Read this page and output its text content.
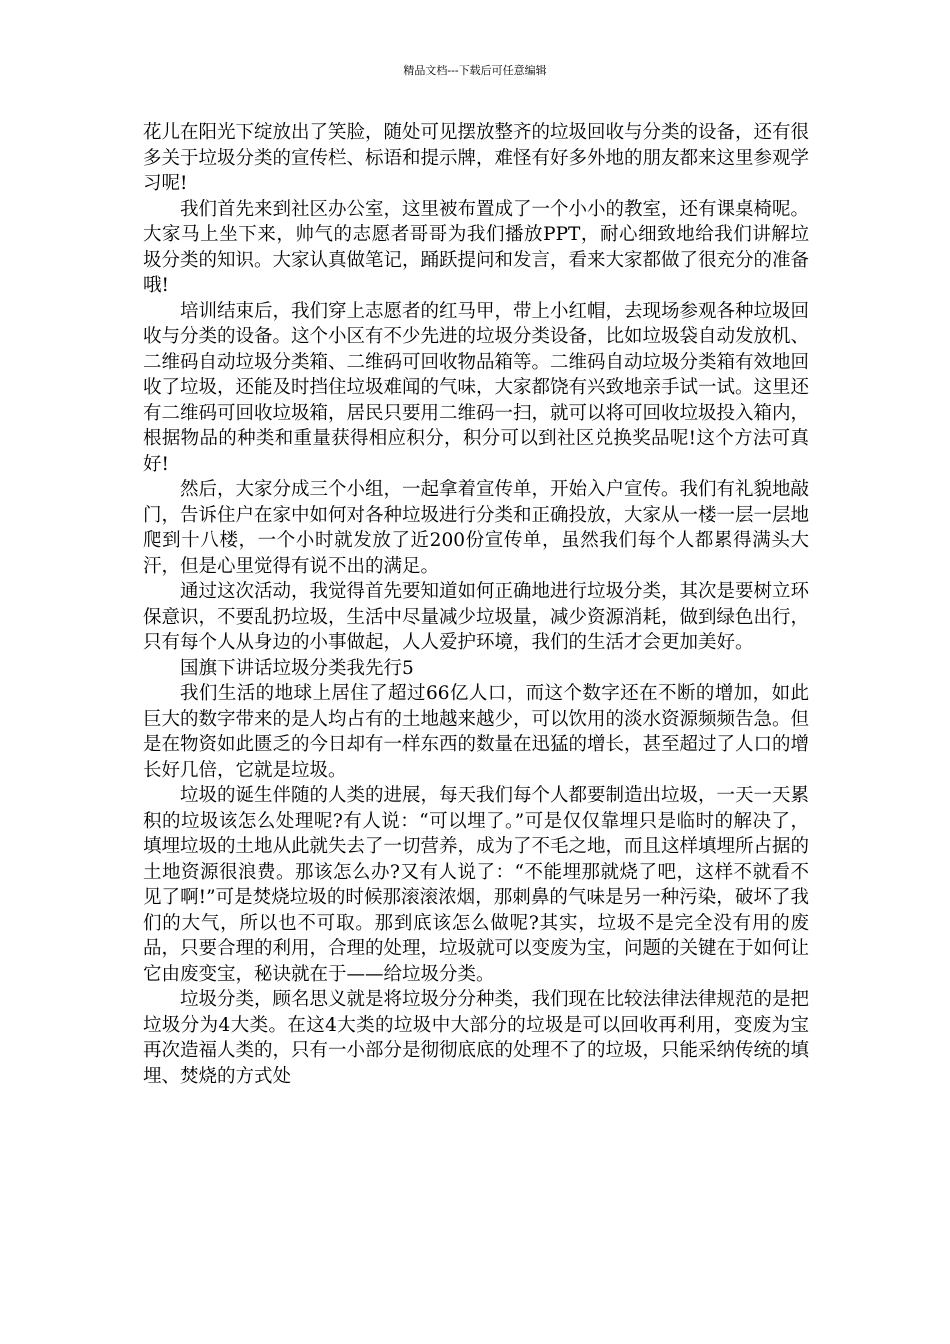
精品文档---下载后可任意编辑

花儿在阳光下绽放出了笑脸，随处可见摆放整齐的垃圾回收与分类的设备，还有很多关于垃圾分类的宣传栏、标语和提示牌，难怪有好多外地的朋友都来这里参观学习呢!

我们首先来到社区办公室，这里被布置成了一个小小的教室，还有课桌椅呢。大家马上坐下来，帅气的志愿者哥哥为我们播放PPT，耐心细致地给我们讲解垃圾分类的知识。大家认真做笔记，踊跃提问和发言，看来大家都做了很充分的准备哦!

培训结束后，我们穿上志愿者的红马甲，带上小红帽，去现场参观各种垃圾回收与分类的设备。这个小区有不少先进的垃圾分类设备，比如垃圾袋自动发放机、二维码自动垃圾分类箱、二维码可回收物品箱等。二维码自动垃圾分类箱有效地回收了垃圾，还能及时挡住垃圾难闻的气味，大家都饶有兴致地亲手试一试。这里还有二维码可回收垃圾箱，居民只要用二维码一扫，就可以将可回收垃圾投入箱内，根据物品的种类和重量获得相应积分，积分可以到社区兑换奖品呢!这个方法可真好!

然后，大家分成三个小组，一起拿着宣传单，开始入户宣传。我们有礼貌地敲门，告诉住户在家中如何对各种垃圾进行分类和正确投放，大家从一楼一层一层地爬到十八楼，一个小时就发放了近200份宣传单，虽然我们每个人都累得满头大汗，但是心里觉得有说不出的满足。

通过这次活动，我觉得首先要知道如何正确地进行垃圾分类，其次是要树立环保意识，不要乱扔垃圾，生活中尽量减少垃圾量，减少资源消耗，做到绿色出行，只有每个人从身边的小事做起，人人爱护环境，我们的生活才会更加美好。

国旗下讲话垃圾分类我先行5

我们生活的地球上居住了超过66亿人口，而这个数字还在不断的增加，如此巨大的数字带来的是人均占有的土地越来越少，可以饮用的淡水资源频频告急。但是在物资如此匮乏的今日却有一样东西的数量在迅猛的增长，甚至超过了人口的增长好几倍，它就是垃圾。

垃圾的诞生伴随的人类的进展，每天我们每个人都要制造出垃圾，一天一天累积的垃圾该怎么处理呢?有人说：“可以埋了。”可是仅仅靠埋只是临时的解决了，填埋垃圾的土地从此就失去了一切营养，成为了不毛之地，而且这样填埋所占据的土地资源很浪费。那该怎么办?又有人说了：“不能埋那就烧了吧，这样不就看不见了啊!”可是焚烧垃圾的时候那滚滚浓烟，那刺鼻的气味是另一种污染，破坏了我们的大气，所以也不可取。那到底该怎么做呢?其实，垃圾不是完全没有用的废品，只要合理的利用，合理的处理，垃圾就可以变废为宝，问题的关键在于如何让它由废变宝，秘诀就在于——给垃圾分类。

垃圾分类，顾名思义就是将垃圾分分种类，我们现在比较法律法律规范的是把垃圾分为4大类。在这4大类的垃圾中大部分的垃圾是可以回收再利用，变废为宝再次造福人类的，只有一小部分是彻彻底底的处理不了的垃圾，只能采纳传统的填埋、焚烧的方式处
